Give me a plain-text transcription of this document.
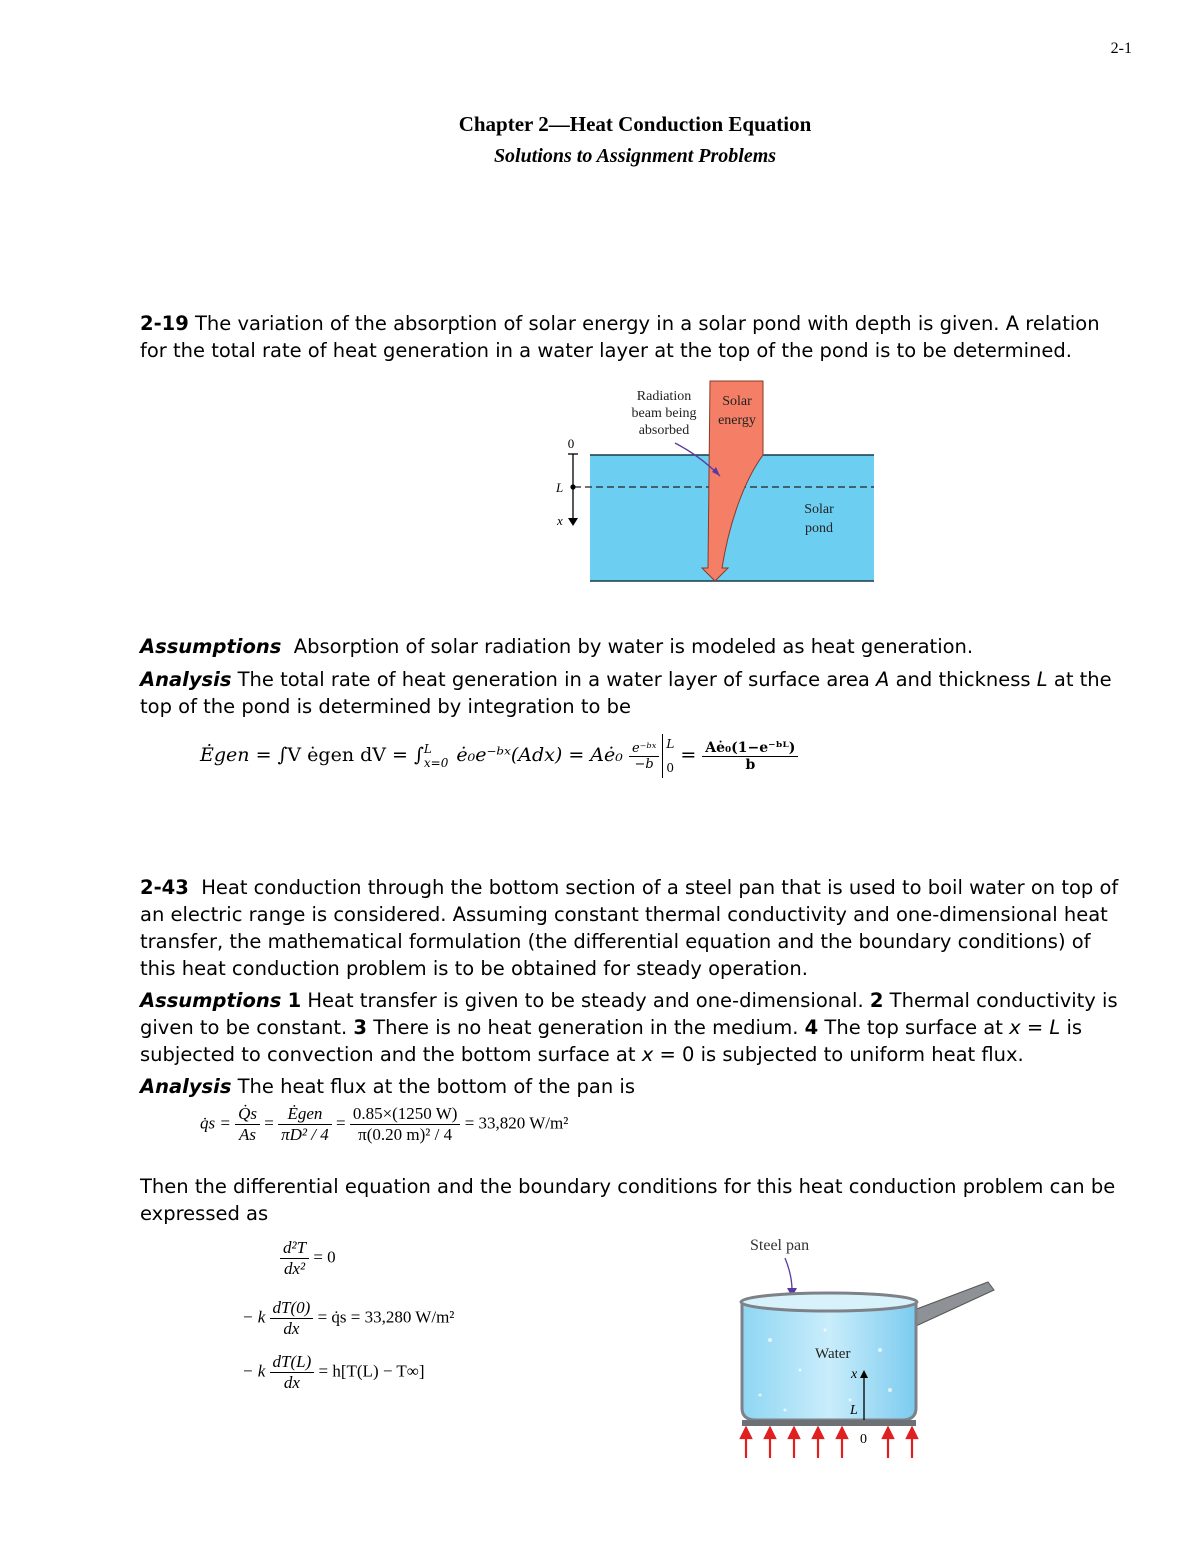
2-1
Chapter 2—Heat Conduction Equation
Solutions to Assignment Problems
2-19 The variation of the absorption of solar energy in a solar pond with depth is given. A relation for the total rate of heat generation in a water layer at the top of the pond is to be determined.
0
L
x
Radiation
beam being
absorbed
Solar
energy
Solar
pond
Assumptions Absorption of solar radiation by water is modeled as heat generation.
Analysis The total rate of heat generation in a water layer of surface area A and thickness L at the top of the pond is determined by integration to be
Ėgen = ∫V ėgen dV = ∫ L
x=0 ė₀e⁻ᵇˣ(Adx) = Aė₀ $\frac{\text{e⁻ᵇˣ}}{-b}$ L
0
= $\frac{\text{Aė₀(1−e⁻ᵇᴸ)}}{b}$
2-43 Heat conduction through the bottom section of a steel pan that is used to boil water on top of an electric range is considered. Assuming constant thermal conductivity and one-dimensional heat transfer, the mathematical formulation (the differential equation and the boundary conditions) of this heat conduction problem is to be obtained for steady operation.
Assumptions 1 Heat transfer is given to be steady and one-dimensional. 2 Thermal conductivity is given to be constant. 3 There is no heat generation in the medium. 4 The top surface at x = L is subjected to convection and the bottom surface at x = 0 is subjected to uniform heat flux.
Analysis The heat flux at the bottom of the pan is
q̇s = $\frac{Q̇s}{As} = \frac{\text{Ėgen}}{\text{πD² / 4}} = \frac{0.85\times(1250 W)}{\text{π(0.20 m)² / 4}} = 33,820$ W/m²
Then the differential equation and the boundary conditions for this heat conduction problem can be expressed as
$\frac{\text{d²T}}{\text{dx²}} = 0$
− k $\frac{dT(0)}{dx}$ = q̇s = 33,280 W/m²
− k $\frac{dT(L)}{dx} = h[T(L) - T\infty]$
Steel pan
Water
x
L
0
